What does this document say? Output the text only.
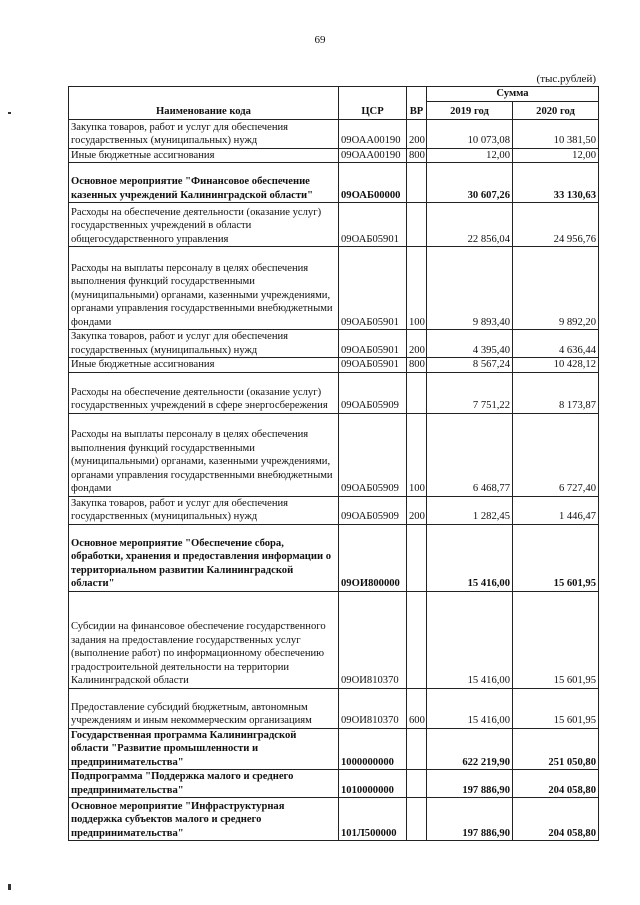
69
(тыс.рублей)
Наименование кода	ЦСР	ВР	Сумма	
			2019 год	2020 год
Закупка товаров, работ и услуг для обеспечения государственных (муниципальных) нужд	09ОАА00190	200	10 073,08	10 381,50
Иные бюджетные ассигнования	09ОАА00190	800	12,00	12,00
Основное мероприятие "Финансовое обеспечение казенных учреждений Калининградской области"	09ОАБ00000		30 607,26	33 130,63
Расходы на обеспечение деятельности (оказание услуг) государственных учреждений в области общегосударственного управления	09ОАБ05901		22 856,04	24 956,76
Расходы на выплаты персоналу в целях обеспечения выполнения функций государственными (муниципальными) органами, казенными учреждениями, органами управления государственными внебюджетными фондами	09ОАБ05901	100	9 893,40	9 892,20
Закупка товаров, работ и услуг для обеспечения государственных (муниципальных) нужд	09ОАБ05901	200	4 395,40	4 636,44
Иные бюджетные ассигнования	09ОАБ05901	800	8 567,24	10 428,12
Расходы на обеспечение деятельности (оказание услуг) государственных учреждений в сфере энергосбережения	09ОАБ05909		7 751,22	8 173,87
Расходы на выплаты персоналу в целях обеспечения выполнения функций государственными (муниципальными) органами, казенными учреждениями, органами управления государственными внебюджетными фондами	09ОАБ05909	100	6 468,77	6 727,40
Закупка товаров, работ и услуг для обеспечения государственных (муниципальных) нужд	09ОАБ05909	200	1 282,45	1 446,47
Основное мероприятие "Обеспечение сбора, обработки, хранения и предоставления информации о территориальном развитии Калининградской области"	09ОИ800000		15 416,00	15 601,95
Субсидии на финансовое обеспечение государственного задания на предоставление государственных услуг (выполнение работ) по информационному обеспечению градостроительной деятельности на территории Калининградской области	09ОИ810370		15 416,00	15 601,95
Предоставление субсидий бюджетным, автономным учреждениям и иным некоммерческим организациям	09ОИ810370	600	15 416,00	15 601,95
Государственная программа Калининградской области "Развитие промышленности и предпринимательства"	1000000000		622 219,90	251 050,80
Подпрограмма "Поддержка малого и среднего предпринимательства"	1010000000		197 886,90	204 058,80
Основное мероприятие "Инфраструктурная поддержка субъектов малого и среднего предпринимательства"	101Л500000		197 886,90	204 058,80
